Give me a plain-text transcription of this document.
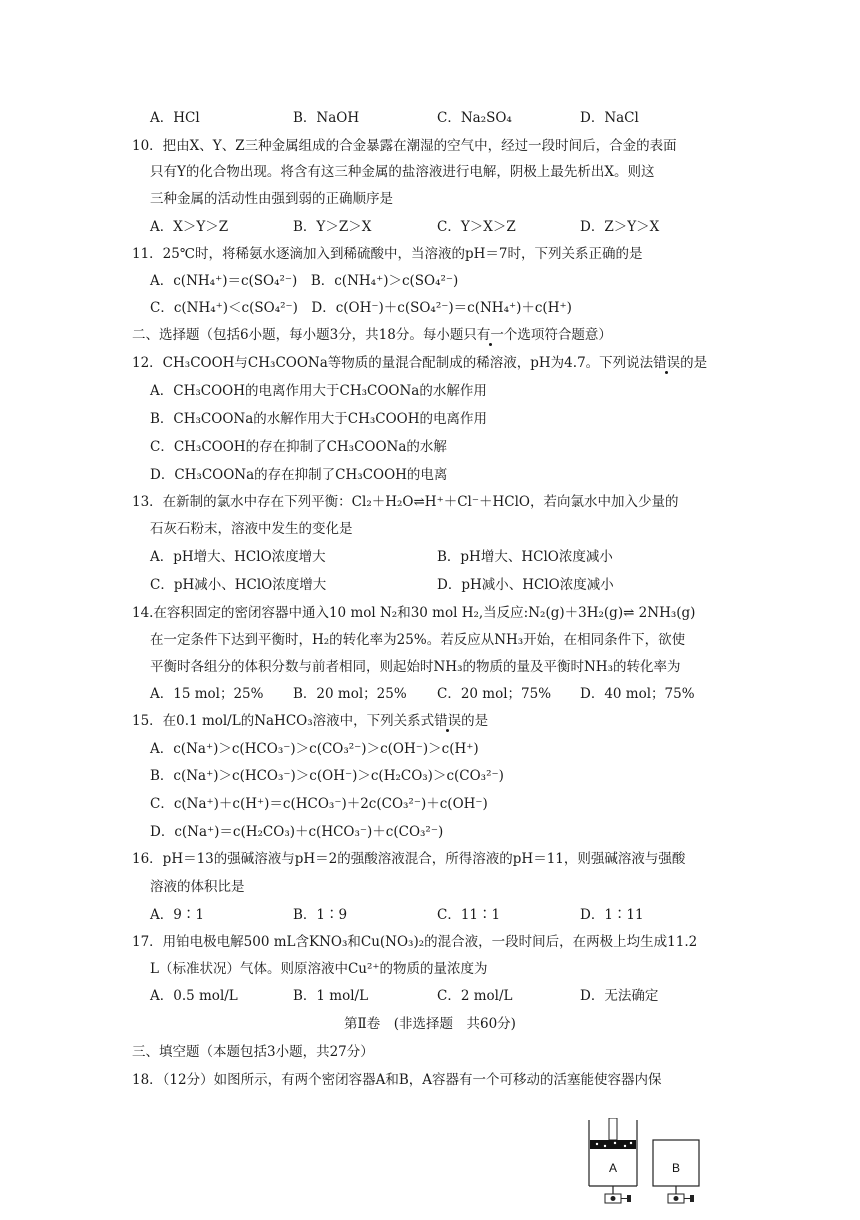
A．HCl	B．NaOH	C．Na₂SO₄	D．NaCl
10．把由X、Y、Z三种金属组成的合金暴露在潮湿的空气中，经过一段时间后，合金的表面
只有Y的化合物出现。将含有这三种金属的盐溶液进行电解，阴极上最先析出X。则这
三种金属的活动性由强到弱的正确顺序是
A．X＞Y＞Z	B．Y＞Z＞X	C．Y＞X＞Z	D．Z＞Y＞X
11．25℃时，将稀氨水逐滴加入到稀硫酸中，当溶液的pH＝7时，下列关系正确的是
A．c(NH₄⁺)＝c(SO₄²⁻)　B．c(NH₄⁺)＞c(SO₄²⁻)
C．c(NH₄⁺)＜c(SO₄²⁻)　D．c(OH⁻)＋c(SO₄²⁻)＝c(NH₄⁺)＋c(H⁺)
二、选择题（包括6小题，每小题3分，共18分。每小题只有一个选项符合题意）
12．CH₃COOH与CH₃COONa等物质的量混合配制成的稀溶液，pH为4.7。下列说法错误的是
A．CH₃COOH的电离作用大于CH₃COONa的水解作用
B．CH₃COONa的水解作用大于CH₃COOH的电离作用
C．CH₃COOH的存在抑制了CH₃COONa的水解
D．CH₃COONa的存在抑制了CH₃COOH的电离
13．在新制的氯水中存在下列平衡：Cl₂＋H₂O⇌H⁺＋Cl⁻＋HClO，若向氯水中加入少量的
石灰石粉末，溶液中发生的变化是
A．pH增大、HClO浓度增大	B．pH增大、HClO浓度减小
C．pH减小、HClO浓度增大	D．pH减小、HClO浓度减小
14.在容积固定的密闭容器中通入10 mol N₂和30 mol H₂,当反应:N₂(g)＋3H₂(g)⇌ 2NH₃(g)
在一定条件下达到平衡时，H₂的转化率为25%。若反应从NH₃开始，在相同条件下，欲使
平衡时各组分的体积分数与前者相同，则起始时NH₃的物质的量及平衡时NH₃的转化率为
A．15 mol；25% B．20 mol；25% C．20 mol；75% D．40 mol；75%
15．在0.1 mol/L的NaHCO₃溶液中，下列关系式错误的是
A．c(Na⁺)＞c(HCO₃⁻)＞c(CO₃²⁻)＞c(OH⁻)＞c(H⁺)
B．c(Na⁺)＞c(HCO₃⁻)＞c(OH⁻)＞c(H₂CO₃)＞c(CO₃²⁻)
C．c(Na⁺)＋c(H⁺)＝c(HCO₃⁻)＋2c(CO₃²⁻)＋c(OH⁻)
D．c(Na⁺)＝c(H₂CO₃)＋c(HCO₃⁻)＋c(CO₃²⁻)
16．pH＝13的强碱溶液与pH＝2的强酸溶液混合，所得溶液的pH＝11，则强碱溶液与强酸
溶液的体积比是
A．9∶1	B．1∶9	C．11∶1	D．1∶11
17．用铂电极电解500 mL含KNO₃和Cu(NO₃)₂的混合液，一段时间后，在两极上均生成11.2
L（标准状况）气体。则原溶液中Cu²⁺的物质的量浓度为
A．0.5 mol/L	B．1 mol/L	C．2 mol/L	D．无法确定
第Ⅱ卷　(非选择题　共60分)
三、填空题（本题包括3小题，共27分）
18．（12分）如图所示，有两个密闭容器A和B，A容器有一个可移动的活塞能使容器内保
A	B
